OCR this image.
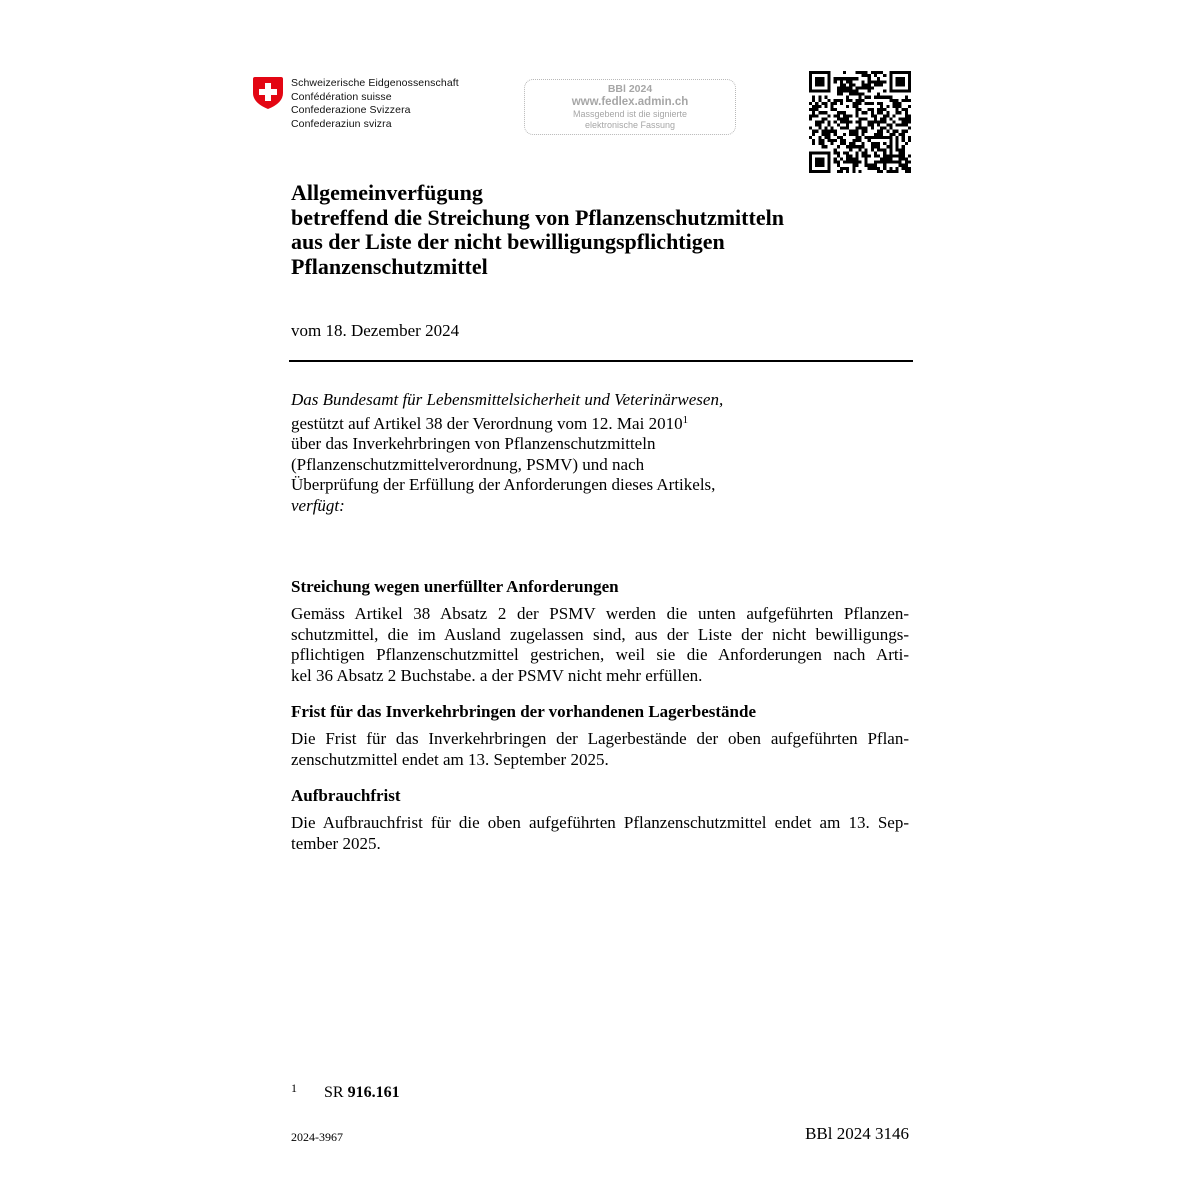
Schweizerische Eidgenossenschaft
Confédération suisse
Confederazione Svizzera
Confederaziun svizra
BBl 2024
www.fedlex.admin.ch
Massgebend ist die signierte
elektronische Fassung
Allgemeinverfügung
betreffend die Streichung von Pflanzenschutzmitteln
aus der Liste der nicht bewilligungspflichtigen
Pflanzenschutzmittel
vom 18. Dezember 2024
Das Bundesamt für Lebensmittelsicherheit und Veterinärwesen,
gestützt auf Artikel 38 der Verordnung vom 12. Mai 2010$^1$
über das Inverkehrbringen von Pflanzenschutzmitteln
(Pflanzenschutzmittelverordnung, PSMV) und nach
Überprüfung der Erfüllung der Anforderungen dieses Artikels,
verfügt:
Streichung wegen unerfüllter Anforderungen
Gemäss Artikel 38 Absatz 2 der PSMV werden die unten aufgeführten Pflanzen-
schutzmittel, die im Ausland zugelassen sind, aus der Liste der nicht bewilligungs-
pflichtigen Pflanzenschutzmittel gestrichen, weil sie die Anforderungen nach Arti-
kel 36 Absatz 2 Buchstabe. a der PSMV nicht mehr erfüllen.
Frist für das Inverkehrbringen der vorhandenen Lagerbestände
Die Frist für das Inverkehrbringen der Lagerbestände der oben aufgeführten Pflan-
zenschutzmittel endet am 13. September 2025.
Aufbrauchfrist
Die Aufbrauchfrist für die oben aufgeführten Pflanzenschutzmittel endet am 13. Sep-
tember 2025.
1 SR 916.161
2024-3967	BBl 2024 3146
